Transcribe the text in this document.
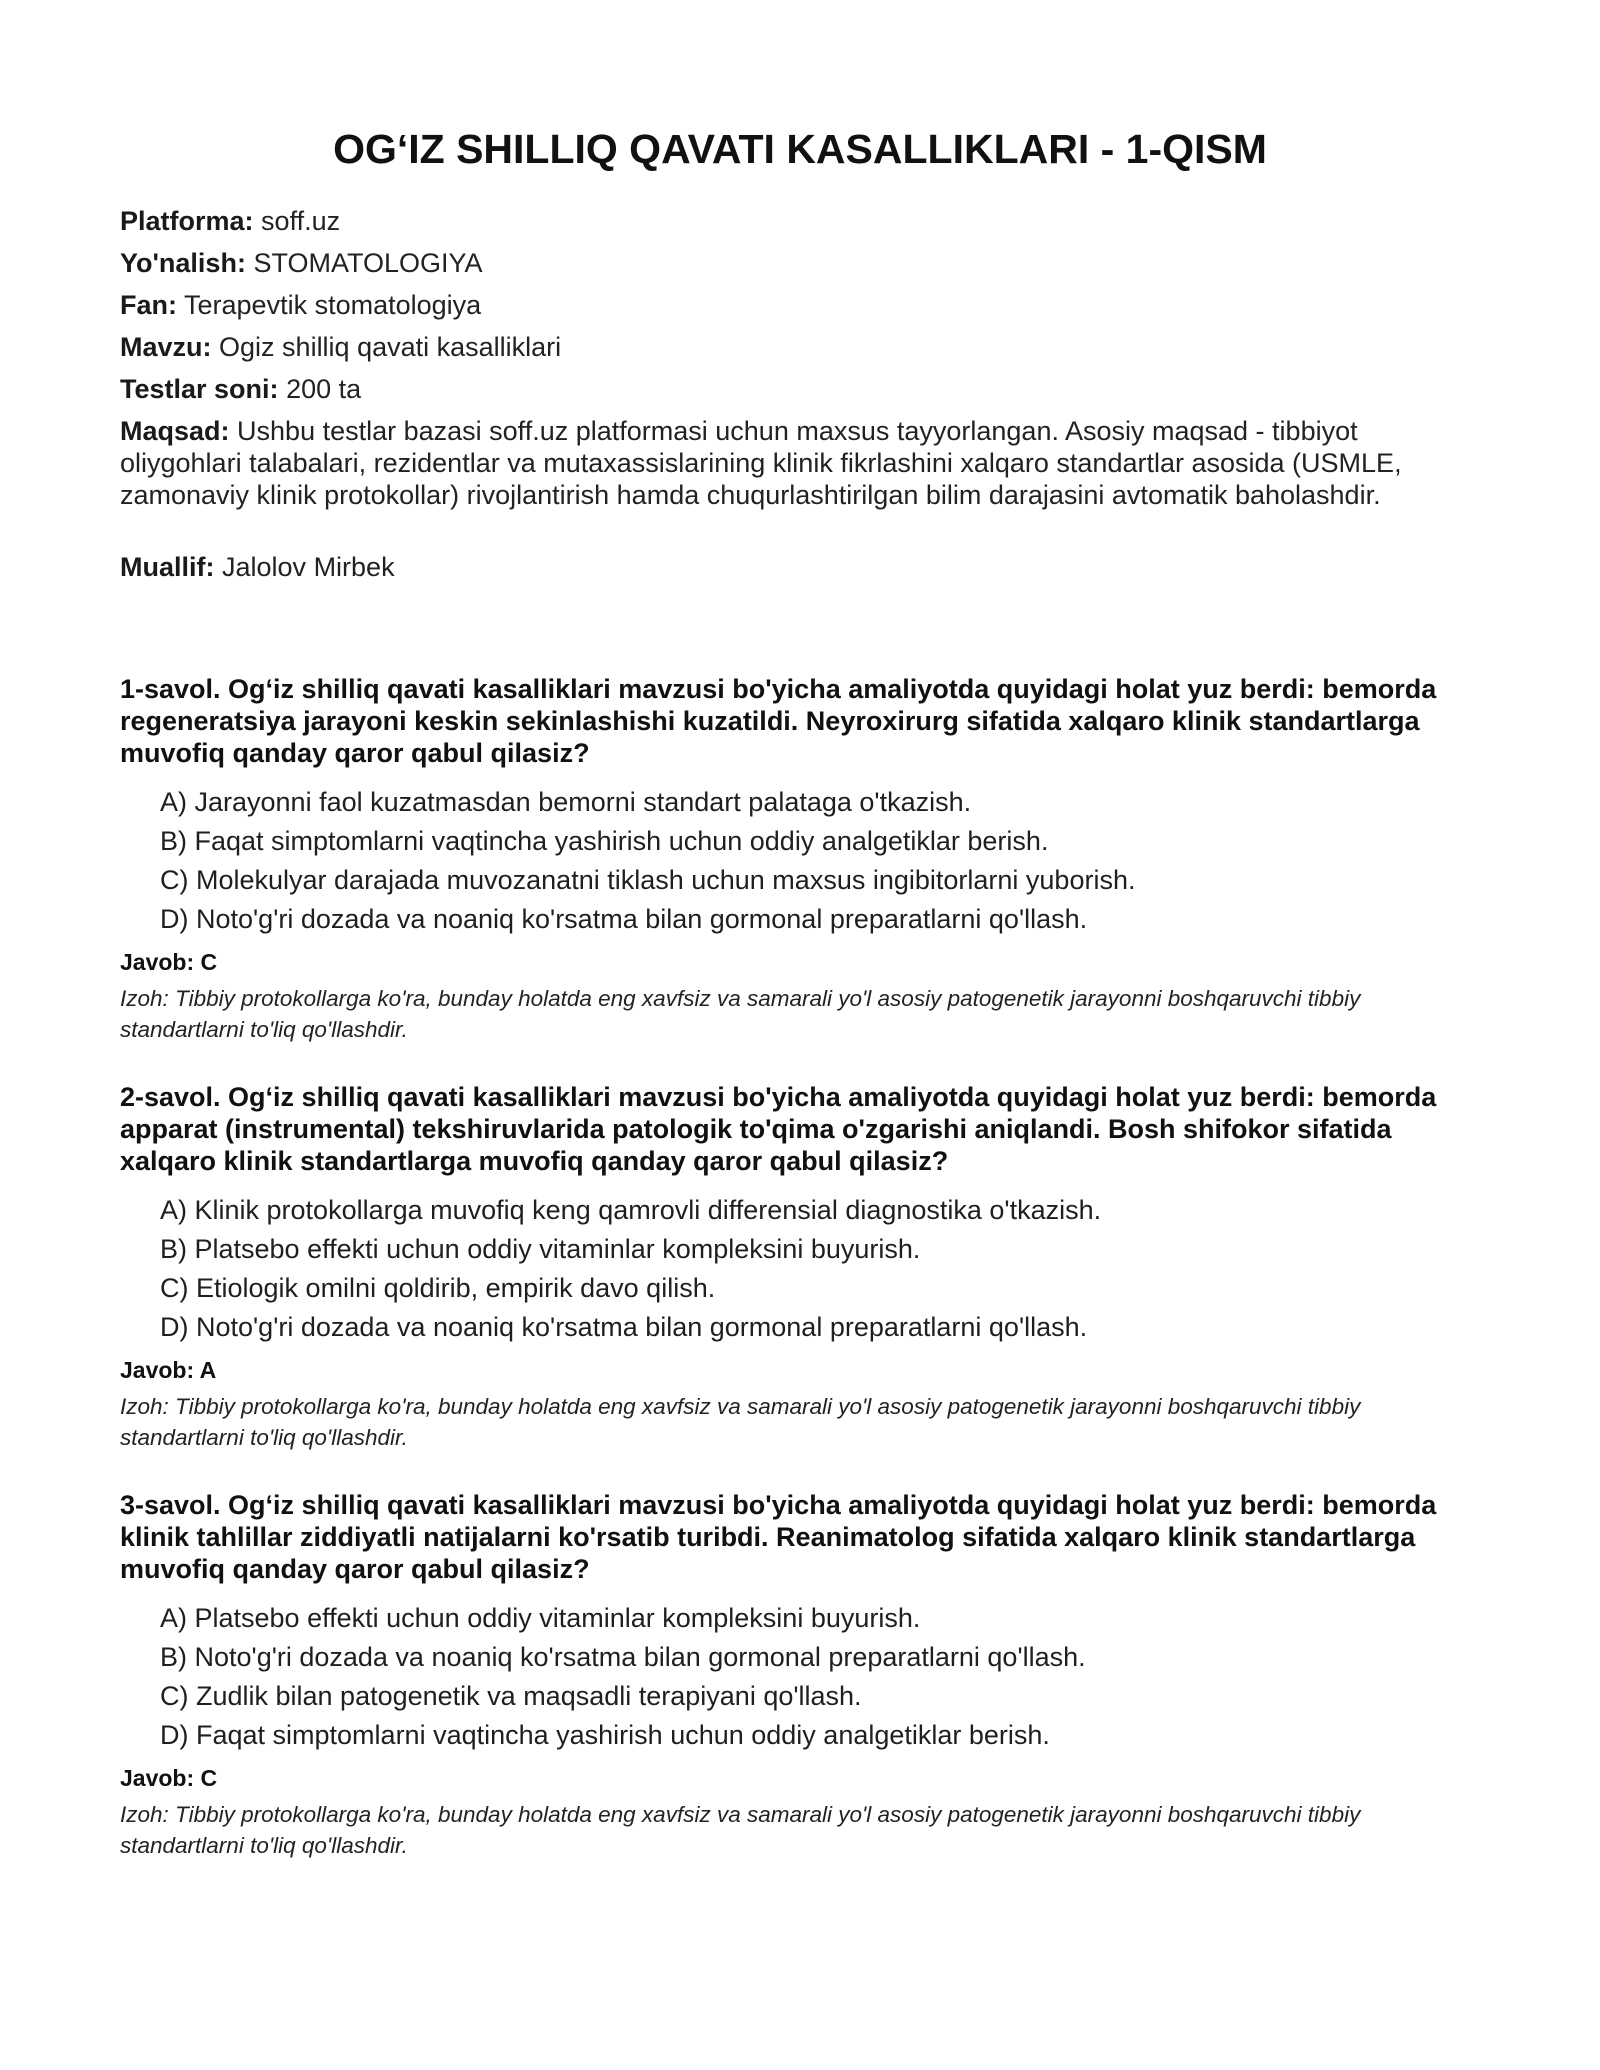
OG‘IZ SHILLIQ QAVATI KASALLIKLARI - 1-QISM
Platforma: soff.uz
Yo'nalish: STOMATOLOGIYA
Fan: Terapevtik stomatologiya
Mavzu: Ogiz shilliq qavati kasalliklari
Testlar soni: 200 ta
Maqsad: Ushbu testlar bazasi soff.uz platformasi uchun maxsus tayyorlangan. Asosiy maqsad - tibbiyot oliygohlari talabalari, rezidentlar va mutaxassislarining klinik fikrlashini xalqaro standartlar asosida (USMLE, zamonaviy klinik protokollar) rivojlantirish hamda chuqurlashtirilgan bilim darajasini avtomatik baholashdir.
Muallif: Jalolov Mirbek

1-savol. Og‘iz shilliq qavati kasalliklari mavzusi bo'yicha amaliyotda quyidagi holat yuz berdi: bemorda regeneratsiya jarayoni keskin sekinlashishi kuzatildi. Neyroxirurg sifatida xalqaro klinik standartlarga muvofiq qanday qaror qabul qilasiz?

A) Jarayonni faol kuzatmasdan bemorni standart palataga o'tkazish.
B) Faqat simptomlarni vaqtincha yashirish uchun oddiy analgetiklar berish.
C) Molekulyar darajada muvozanatni tiklash uchun maxsus ingibitorlarni yuborish.
D) Noto'g'ri dozada va noaniq ko'rsatma bilan gormonal preparatlarni qo'llash.
Javob: C
Izoh: Tibbiy protokollarga ko'ra, bunday holatda eng xavfsiz va samarali yo'l asosiy patogenetik jarayonni boshqaruvchi tibbiy standartlarni to'liq qo'llashdir.

2-savol. Og‘iz shilliq qavati kasalliklari mavzusi bo'yicha amaliyotda quyidagi holat yuz berdi: bemorda apparat (instrumental) tekshiruvlarida patologik to'qima o'zgarishi aniqlandi. Bosh shifokor sifatida xalqaro klinik standartlarga muvofiq qanday qaror qabul qilasiz?

A) Klinik protokollarga muvofiq keng qamrovli differensial diagnostika o'tkazish.
B) Platsebo effekti uchun oddiy vitaminlar kompleksini buyurish.
C) Etiologik omilni qoldirib, empirik davo qilish.
D) Noto'g'ri dozada va noaniq ko'rsatma bilan gormonal preparatlarni qo'llash.
Javob: A
Izoh: Tibbiy protokollarga ko'ra, bunday holatda eng xavfsiz va samarali yo'l asosiy patogenetik jarayonni boshqaruvchi tibbiy standartlarni to'liq qo'llashdir.

3-savol. Og‘iz shilliq qavati kasalliklari mavzusi bo'yicha amaliyotda quyidagi holat yuz berdi: bemorda klinik tahlillar ziddiyatli natijalarni ko'rsatib turibdi. Reanimatolog sifatida xalqaro klinik standartlarga muvofiq qanday qaror qabul qilasiz?

A) Platsebo effekti uchun oddiy vitaminlar kompleksini buyurish.
B) Noto'g'ri dozada va noaniq ko'rsatma bilan gormonal preparatlarni qo'llash.
C) Zudlik bilan patogenetik va maqsadli terapiyani qo'llash.
D) Faqat simptomlarni vaqtincha yashirish uchun oddiy analgetiklar berish.
Javob: C
Izoh: Tibbiy protokollarga ko'ra, bunday holatda eng xavfsiz va samarali yo'l asosiy patogenetik jarayonni boshqaruvchi tibbiy standartlarni to'liq qo'llashdir.
